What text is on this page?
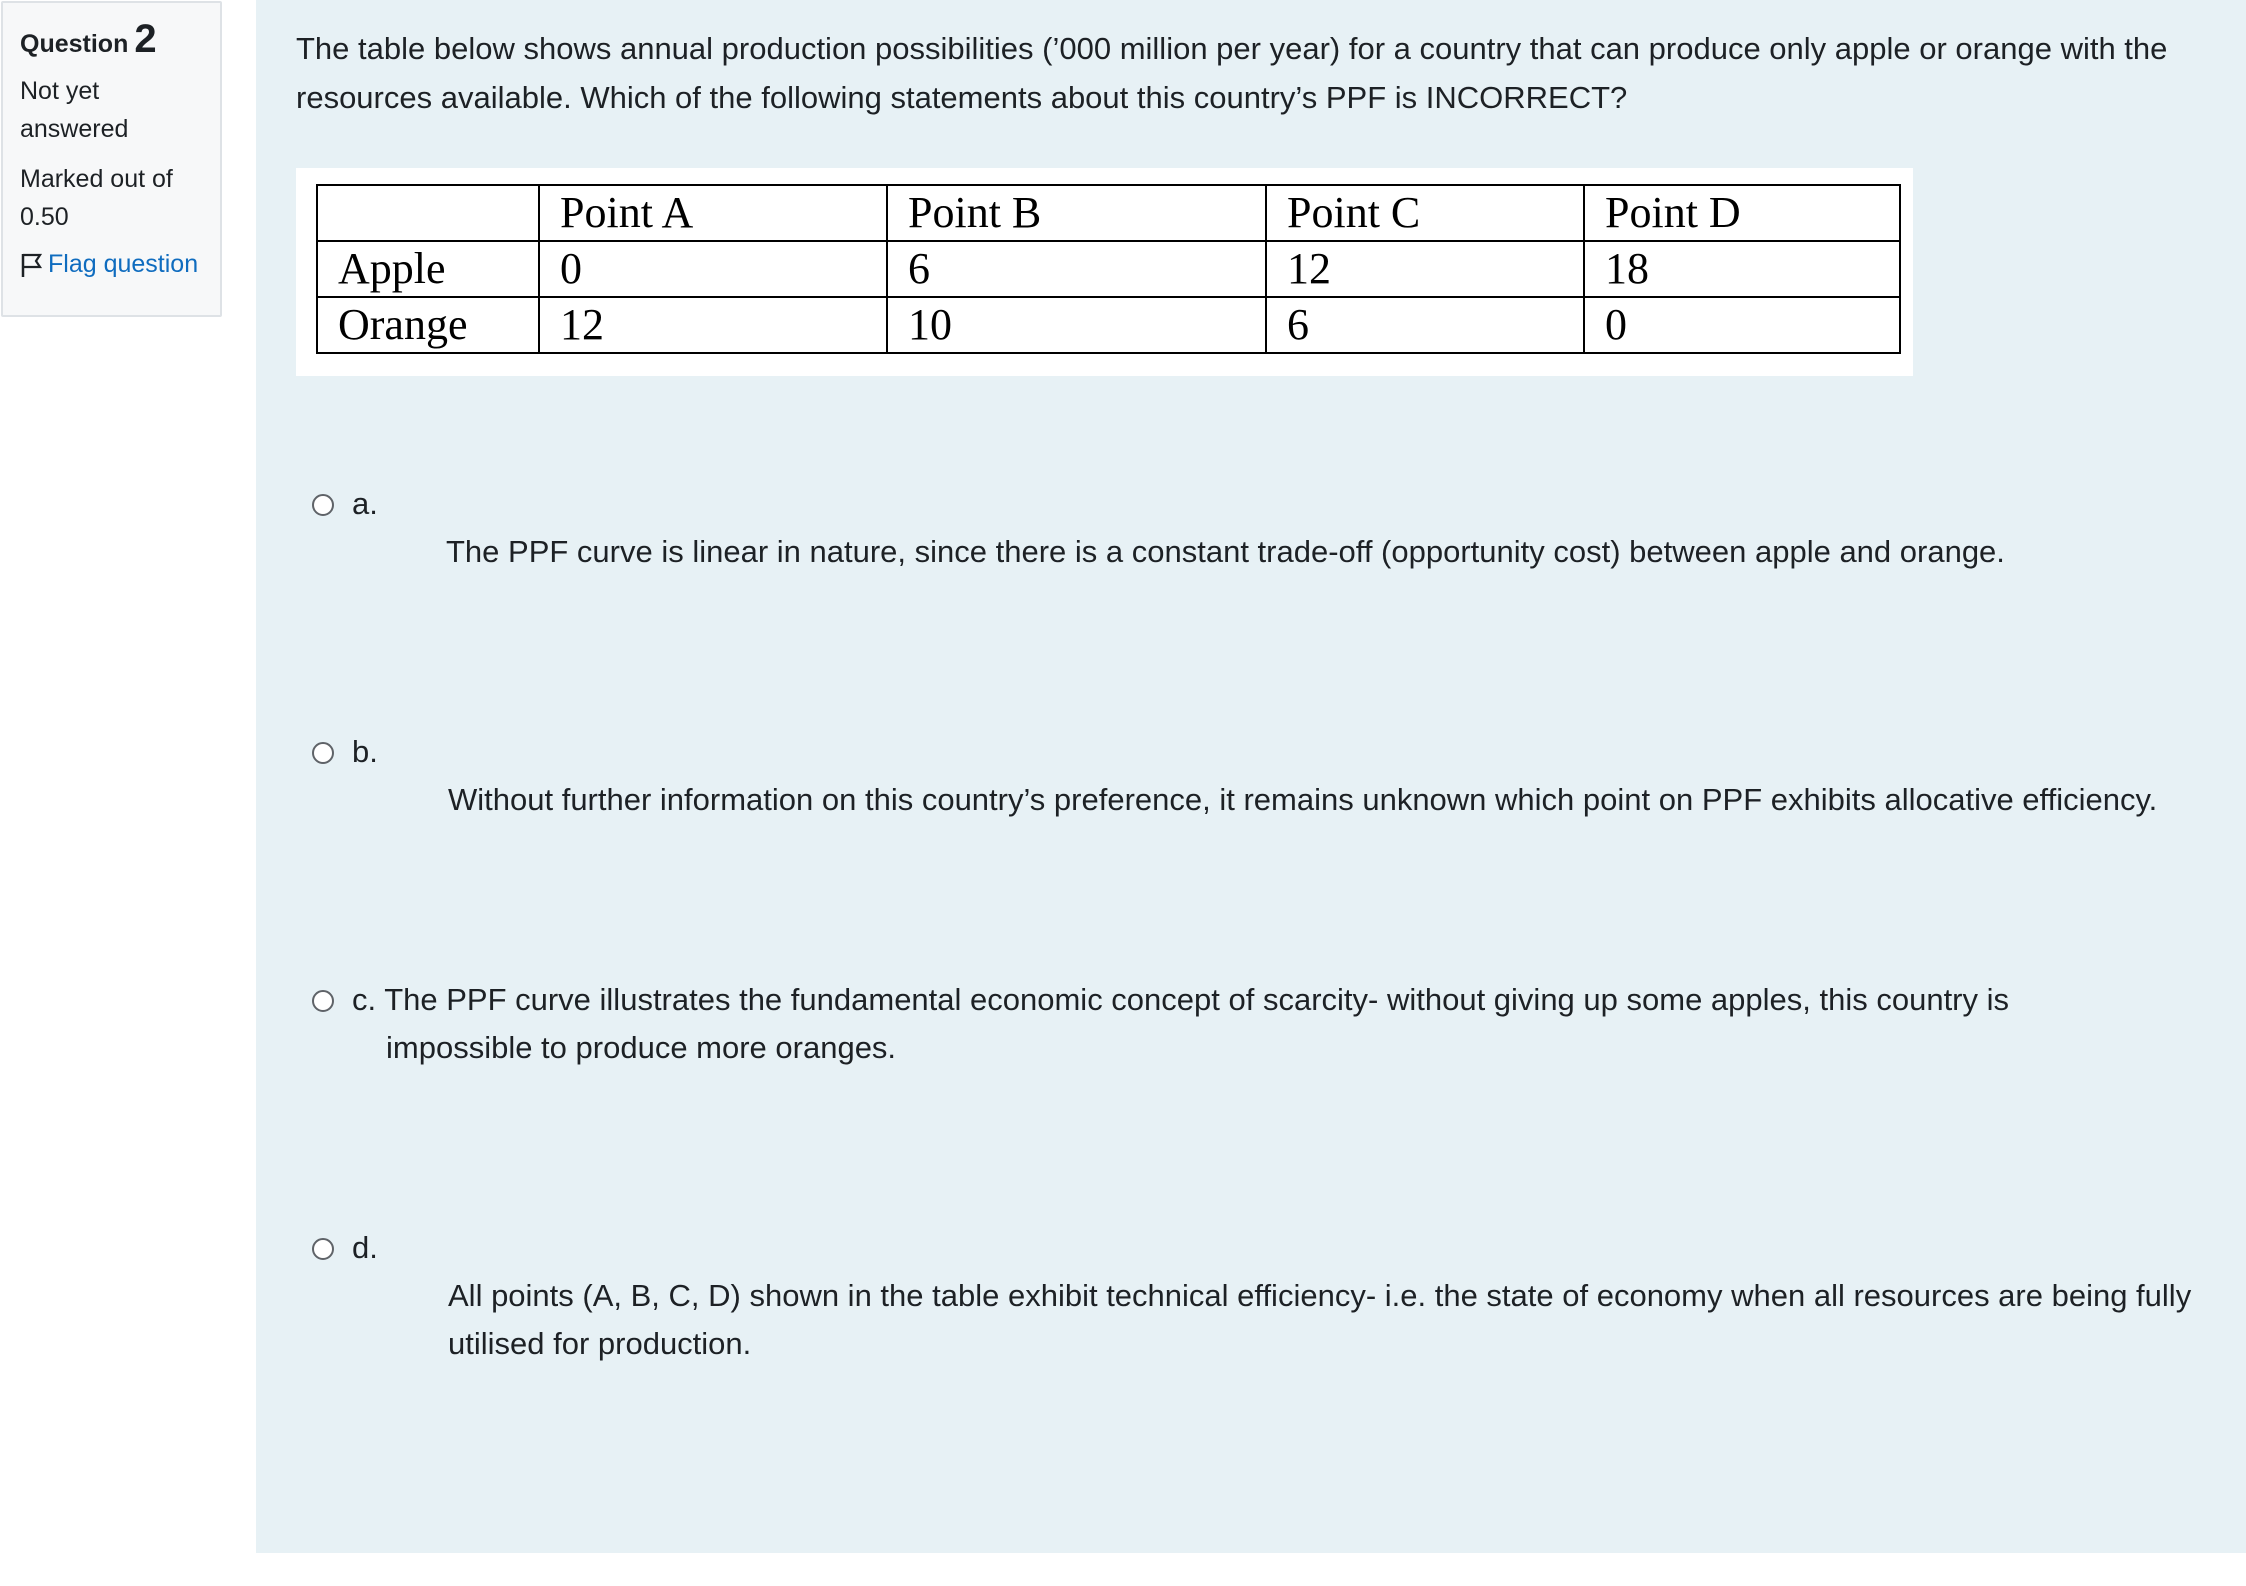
Question 2
Not yet answered
Marked out of 0.50
Flag question
The table below shows annual production possibilities (’000 million per year) for a country that can produce only apple or orange with the resources available. Which of the following statements about this country’s PPF is INCORRECT?
	Point A	Point B	Point C	Point D
Apple	0	6	12	18
Orange	12	10	6	0
a.
The PPF curve is linear in nature, since there is a constant trade-off (opportunity cost) between apple and orange.
b.
Without further information on this country’s preference, it remains unknown which point on PPF exhibits allocative efficiency.
c. The PPF curve illustrates the fundamental economic concept of scarcity- without giving up some apples, this country is
impossible to produce more oranges.
d.
All points (A, B, C, D) shown in the table exhibit technical efficiency- i.e. the state of economy when all resources are being fully utilised for production.
